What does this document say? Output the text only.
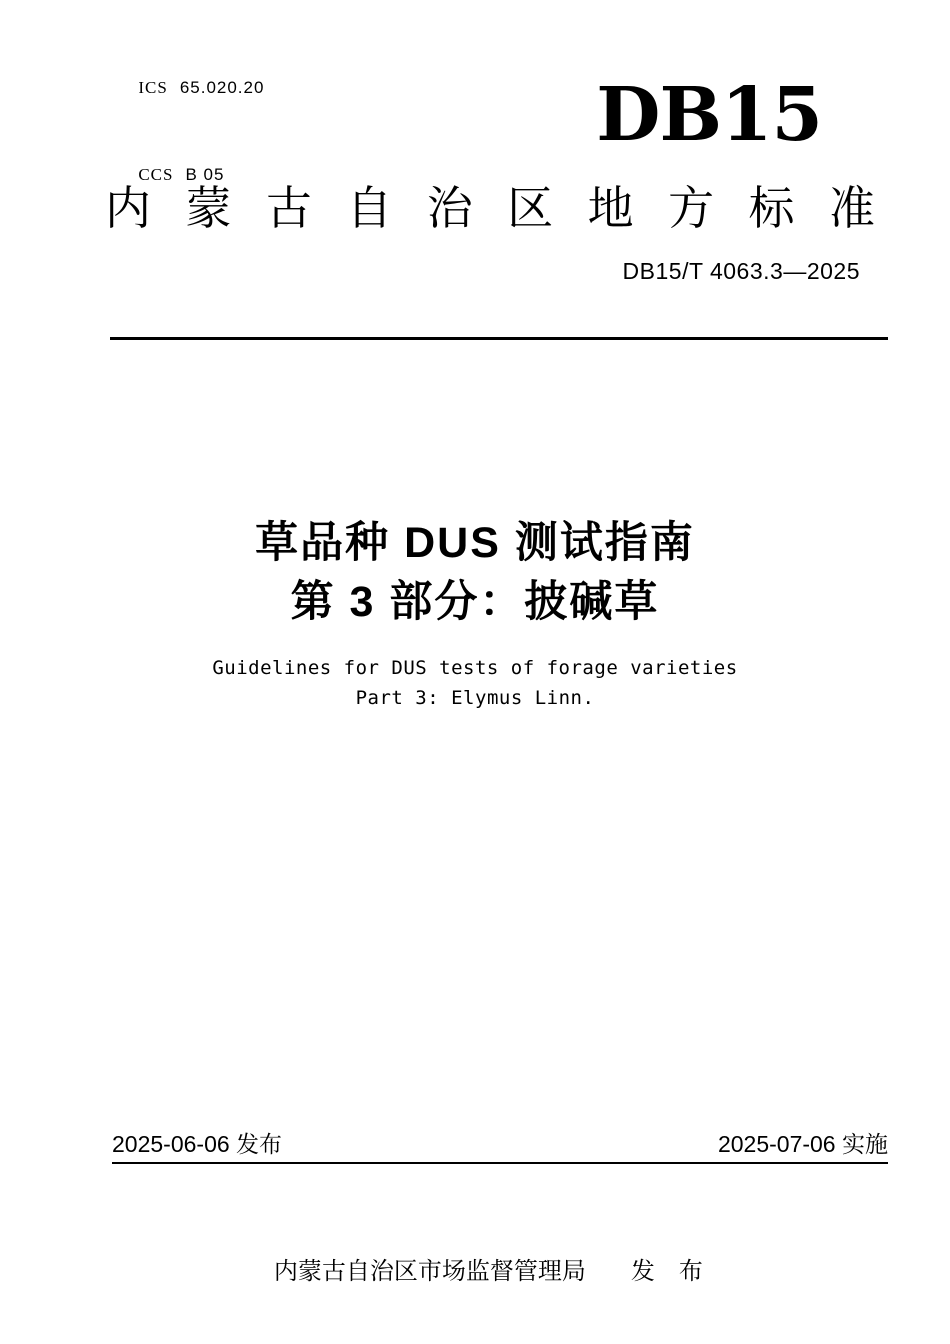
ICS 65.020.20

CCS B 05

DB15
内 蒙 古 自 治 区 地 方 标 准
DB15/T 4063.3—2025
草品种 DUS 测试指南
第 3 部分：披碱草
Guidelines for DUS tests of forage varieties
Part 3: Elymus Linn.
2025-06-06 发布	2025-07-06 实施

内蒙古自治区市场监督管理局 发　布
